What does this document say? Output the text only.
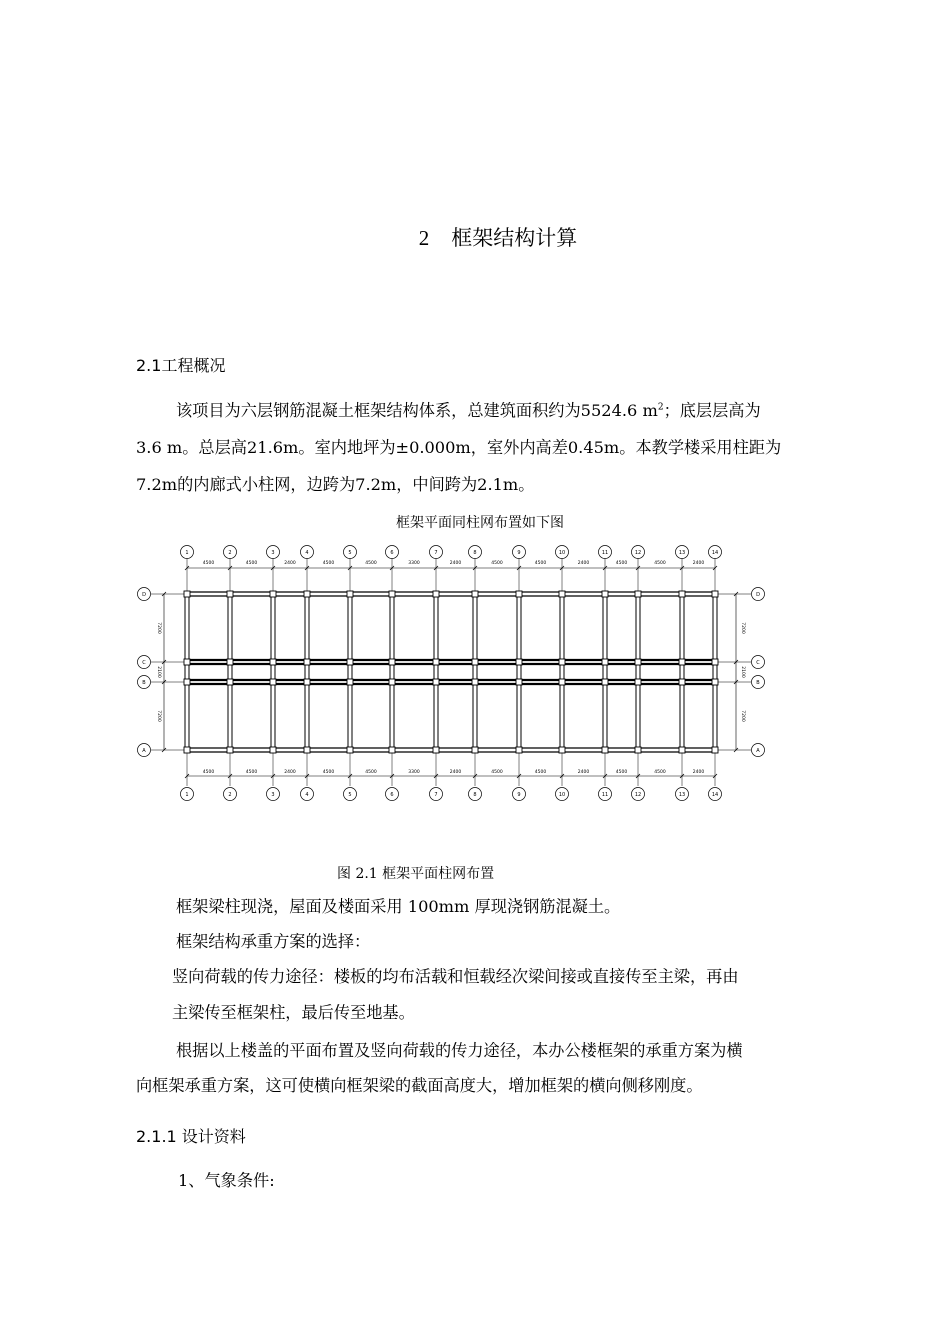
2 框架结构计算
2.1工程概况
该项目为六层钢筋混凝土框架结构体系，总建筑面积约为5524.6 $m^2$；底层层高为
3.6 m。总层高21.6m。室内地坪为±0.000m，室外内高差0.45m。本教学楼采用柱距为
7.2m的内廊式小柱网，边跨为7.2m，中间跨为2.1m。
框架平面同柱网布置如下图
4500
4500
4500
4500
2400
2400
4500
4500
4500
4500
3300
3300
2400
2400
4500
4500
4500
4500
2400
2400
4500
4500
4500
4500
2400
2400
7200	7200
2100	2100
7200	7200
1
1
2
2
3
3
4
4
5
5
6
6
7
7
8
8
9
9
10
10
11
11
12
12
13
13
14
14
D	D
C	C
B	B
A	A
图 2.1 框架平面柱网布置
框架梁柱现浇，屋面及楼面采用 100mm 厚现浇钢筋混凝土。
框架结构承重方案的选择：
竖向荷载的传力途径：楼板的均布活载和恒载经次梁间接或直接传至主梁，再由
主梁传至框架柱，最后传至地基。
根据以上楼盖的平面布置及竖向荷载的传力途径，本办公楼框架的承重方案为横
向框架承重方案，这可使横向框架梁的截面高度大，增加框架的横向侧移刚度。
2.1.1 设计资料
1、气象条件:
